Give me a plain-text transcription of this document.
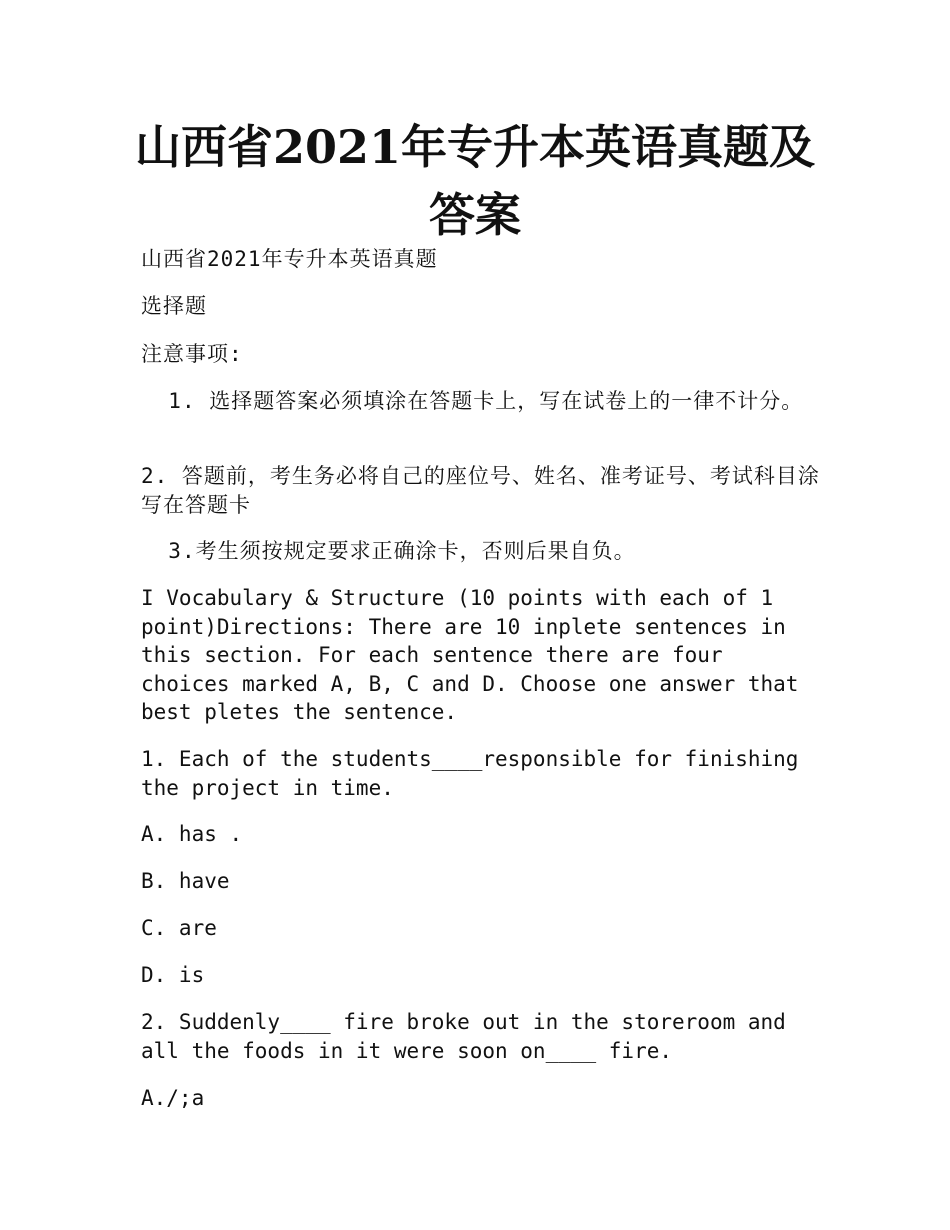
山西省2021年专升本英语真题及
答案

山西省2021年专升本英语真题

选择题

注意事项:

1. 选择题答案必须填涂在答题卡上，写在试卷上的一律不计分。

2. 答题前，考生务必将自己的座位号、姓名、准考证号、考试科目涂写在答题卡

3.考生须按规定要求正确涂卡，否则后果自负。

I Vocabulary & Structure (10 points with each of 1 point)Directions: There are 10 inplete sentences in this section. For each sentence there are four choices marked A, B, C and D. Choose one answer that best pletes the sentence.

1. Each of the students____responsible for finishing the project in time.

A. has .

B. have

C. are

D. is

2. Suddenly____ fire broke out in the storeroom and all the foods in it were soon on____ fire.

A./;a
